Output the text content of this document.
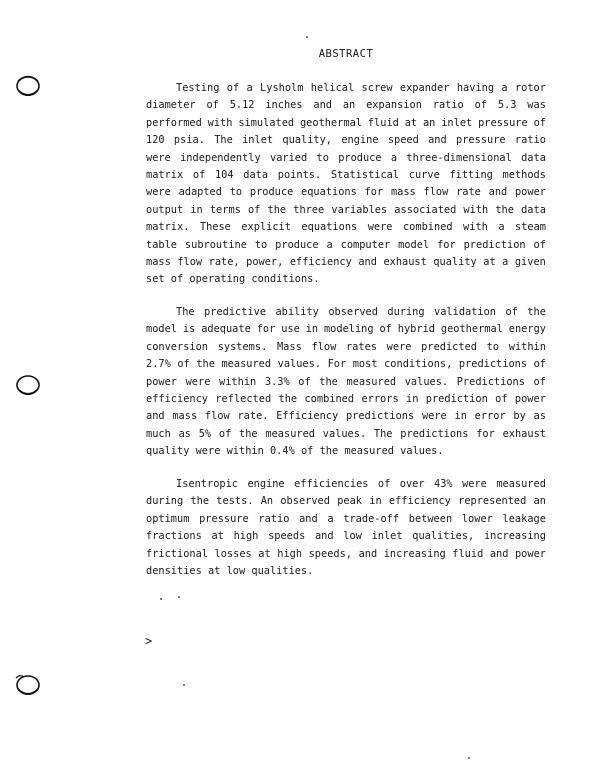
ABSTRACT
Testing of a Lysholm helical screw expander having a rotor
diameter of 5.12 inches and an expansion ratio of 5.3 was
performed with simulated geothermal fluid at an inlet pressure of
120 psia. The inlet quality, engine speed and pressure ratio
were independently varied to produce a three-dimensional data
matrix of 104 data points. Statistical curve fitting methods
were adapted to produce equations for mass flow rate and power
output in terms of the three variables associated with the data
matrix. These explicit equations were combined with a steam
table subroutine to produce a computer model for prediction of
mass flow rate, power, efficiency and exhaust quality at a given
set of operating conditions.
The predictive ability observed during validation of the
model is adequate for use in modeling of hybrid geothermal energy
conversion systems. Mass flow rates were predicted to within
2.7% of the measured values. For most conditions, predictions of
power were within 3.3% of the measured values. Predictions of
efficiency reflected the combined errors in prediction of power
and mass flow rate. Efficiency predictions were in error by as
much as 5% of the measured values. The predictions for exhaust
quality were within 0.4% of the measured values.
Isentropic engine efficiencies of over 43% were measured
during the tests. An observed peak in efficiency represented an
optimum pressure ratio and a trade-off between lower leakage
fractions at high speeds and low inlet qualities, increasing
frictional losses at high speeds, and increasing fluid and power
densities at low qualities.
>
